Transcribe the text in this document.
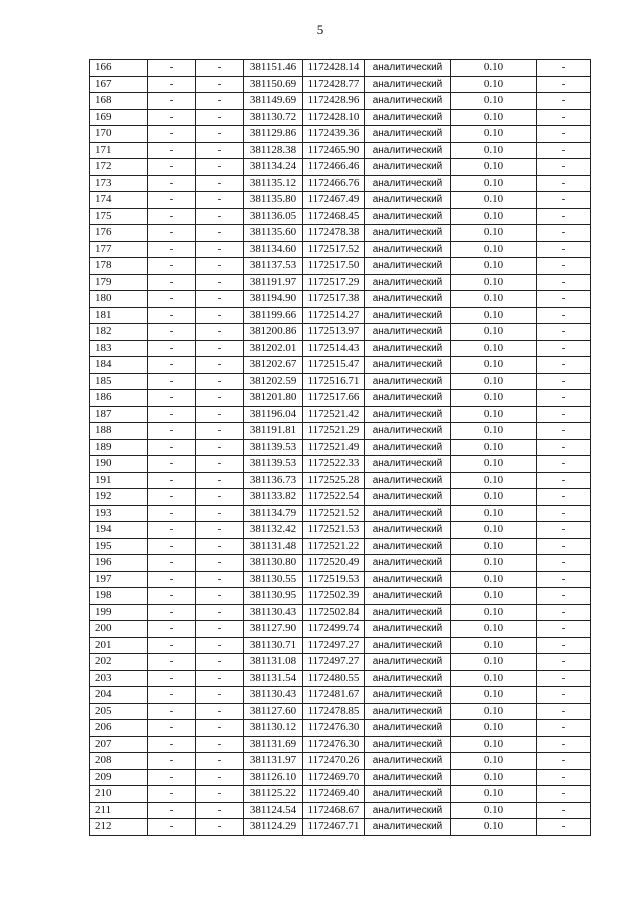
5
166	-	-	381151.46	1172428.14	аналитический	0.10	-
167	-	-	381150.69	1172428.77	аналитический	0.10	-
168	-	-	381149.69	1172428.96	аналитический	0.10	-
169	-	-	381130.72	1172428.10	аналитический	0.10	-
170	-	-	381129.86	1172439.36	аналитический	0.10	-
171	-	-	381128.38	1172465.90	аналитический	0.10	-
172	-	-	381134.24	1172466.46	аналитический	0.10	-
173	-	-	381135.12	1172466.76	аналитический	0.10	-
174	-	-	381135.80	1172467.49	аналитический	0.10	-
175	-	-	381136.05	1172468.45	аналитический	0.10	-
176	-	-	381135.60	1172478.38	аналитический	0.10	-
177	-	-	381134.60	1172517.52	аналитический	0.10	-
178	-	-	381137.53	1172517.50	аналитический	0.10	-
179	-	-	381191.97	1172517.29	аналитический	0.10	-
180	-	-	381194.90	1172517.38	аналитический	0.10	-
181	-	-	381199.66	1172514.27	аналитический	0.10	-
182	-	-	381200.86	1172513.97	аналитический	0.10	-
183	-	-	381202.01	1172514.43	аналитический	0.10	-
184	-	-	381202.67	1172515.47	аналитический	0.10	-
185	-	-	381202.59	1172516.71	аналитический	0.10	-
186	-	-	381201.80	1172517.66	аналитический	0.10	-
187	-	-	381196.04	1172521.42	аналитический	0.10	-
188	-	-	381191.81	1172521.29	аналитический	0.10	-
189	-	-	381139.53	1172521.49	аналитический	0.10	-
190	-	-	381139.53	1172522.33	аналитический	0.10	-
191	-	-	381136.73	1172525.28	аналитический	0.10	-
192	-	-	381133.82	1172522.54	аналитический	0.10	-
193	-	-	381134.79	1172521.52	аналитический	0.10	-
194	-	-	381132.42	1172521.53	аналитический	0.10	-
195	-	-	381131.48	1172521.22	аналитический	0.10	-
196	-	-	381130.80	1172520.49	аналитический	0.10	-
197	-	-	381130.55	1172519.53	аналитический	0.10	-
198	-	-	381130.95	1172502.39	аналитический	0.10	-
199	-	-	381130.43	1172502.84	аналитический	0.10	-
200	-	-	381127.90	1172499.74	аналитический	0.10	-
201	-	-	381130.71	1172497.27	аналитический	0.10	-
202	-	-	381131.08	1172497.27	аналитический	0.10	-
203	-	-	381131.54	1172480.55	аналитический	0.10	-
204	-	-	381130.43	1172481.67	аналитический	0.10	-
205	-	-	381127.60	1172478.85	аналитический	0.10	-
206	-	-	381130.12	1172476.30	аналитический	0.10	-
207	-	-	381131.69	1172476.30	аналитический	0.10	-
208	-	-	381131.97	1172470.26	аналитический	0.10	-
209	-	-	381126.10	1172469.70	аналитический	0.10	-
210	-	-	381125.22	1172469.40	аналитический	0.10	-
211	-	-	381124.54	1172468.67	аналитический	0.10	-
212	-	-	381124.29	1172467.71	аналитический	0.10	-
